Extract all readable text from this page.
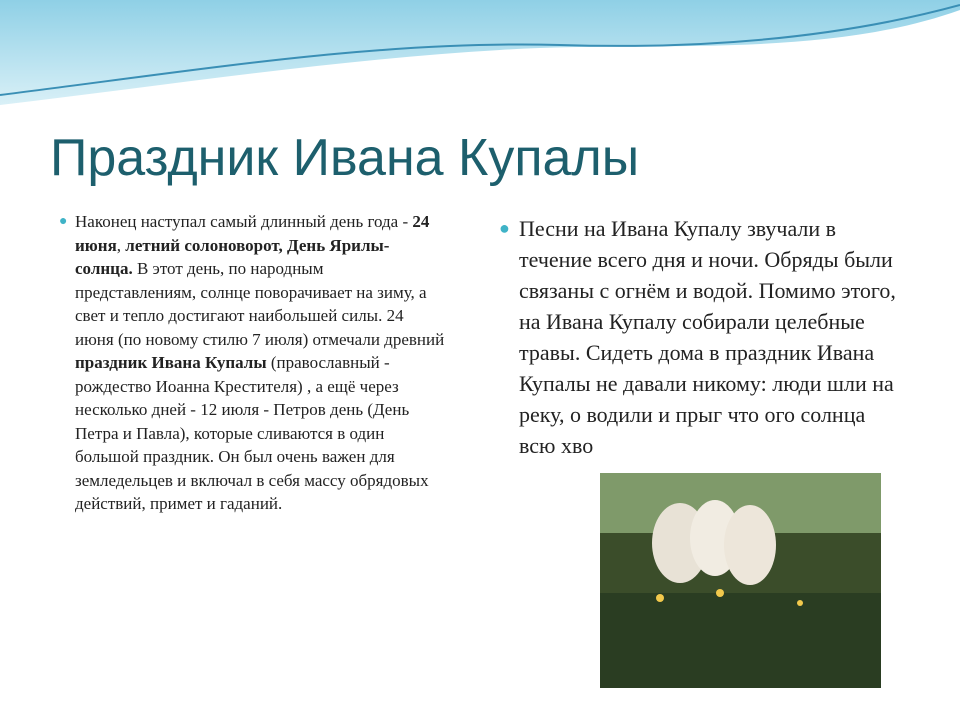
Праздник Ивана Купалы
● Наконец наступал самый длинный день года - 24 июня, летний солоноворот, День Ярилы-солнца. В этот день, по народным представлениям, солнце поворачивает на зиму, а свет и тепло достигают наибольшей силы. 24 июня (по новому стилю 7 июля) отмечали древний праздник Ивана Купалы (православный - рождество Иоанна Крестителя) , а ещё через несколько дней - 12 июля - Петров день (День Петра и Павла), которые сливаются в один большой праздник. Он был очень важен для земледельцев и включал в себя массу обрядовых действий, примет и гаданий.
● Песни на Ивана Купалу звучали в течение всего дня и ночи. Обряды были связаны с огнём и водой. Помимо этого, на Ивана Купалу собирали целебные травы. Сидеть дома в праздник Ивана Купалы не давали никому: люди шли на реку, о водили и прыг что ого солнца всю хво
